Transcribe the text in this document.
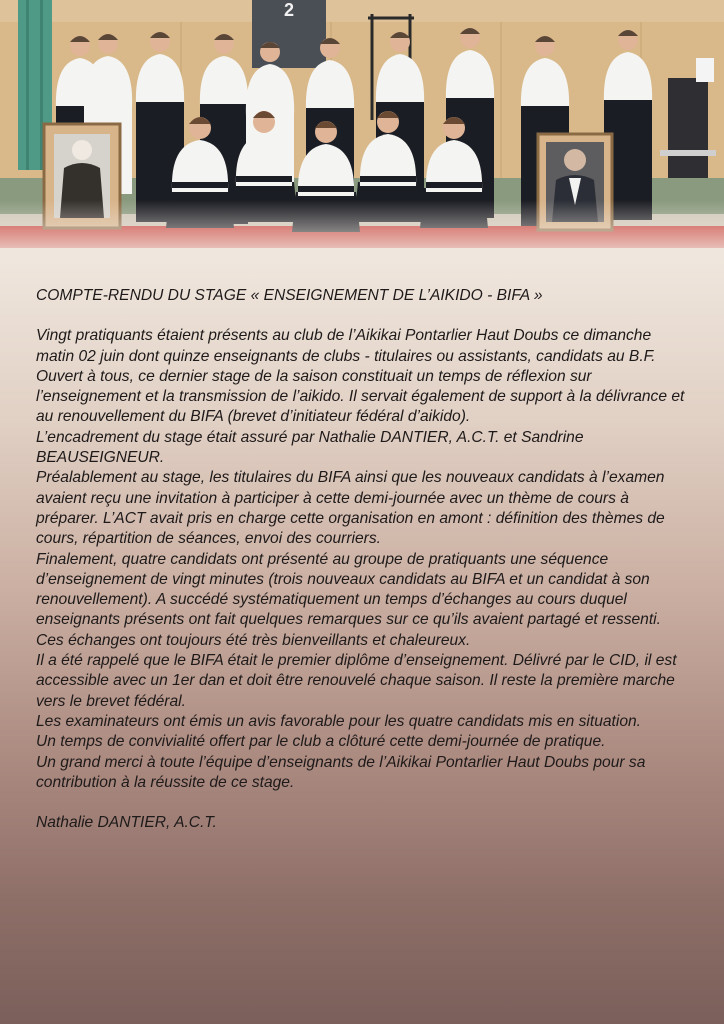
2
COMPTE-RENDU DU STAGE « ENSEIGNEMENT DE L’AIKIDO - BIFA »

Vingt pratiquants étaient présents au club de l’Aikikai Pontarlier Haut Doubs ce dimanche matin 02 juin dont quinze enseignants de clubs - titulaires ou assistants, candidats au B.F.

Ouvert à tous, ce dernier stage de la saison constituait un temps de réflexion sur l’enseignement et la transmission de l’aikido. Il servait également de support à la délivrance et au renouvellement du BIFA (brevet d’initiateur fédéral d’aikido).

L’encadrement du stage était assuré par Nathalie DANTIER, A.C.T. et Sandrine BEAUSEIGNEUR.

Préalablement au stage, les titulaires du BIFA ainsi que les nouveaux candidats à l’examen avaient reçu une invitation à participer à cette demi-journée avec un thème de cours à préparer. L’ACT avait pris en charge cette organisation en amont : définition des thèmes de cours, répartition de séances, envoi des courriers.

Finalement, quatre candidats ont présenté au groupe de pratiquants une séquence d’enseignement de vingt minutes (trois nouveaux candidats au BIFA et un candidat à son renouvellement). A succédé systématiquement un temps d’échanges au cours duquel enseignants présents ont fait quelques remarques sur ce qu’ils avaient partagé et ressenti. Ces échanges ont toujours été très bienveillants et chaleureux.

Il a été rappelé que le BIFA était le premier diplôme d’enseignement. Délivré par le CID, il est accessible avec un 1er dan et doit être renouvelé chaque saison. Il reste la première marche vers le brevet fédéral.

Les examinateurs ont émis un avis favorable pour les quatre candidats mis en situation.

Un temps de convivialité offert par le club a clôturé cette demi-journée de pratique.

Un grand merci à toute l’équipe d’enseignants de l’Aikikai Pontarlier Haut Doubs pour sa contribution à la réussite de ce stage.

Nathalie DANTIER, A.C.T.
